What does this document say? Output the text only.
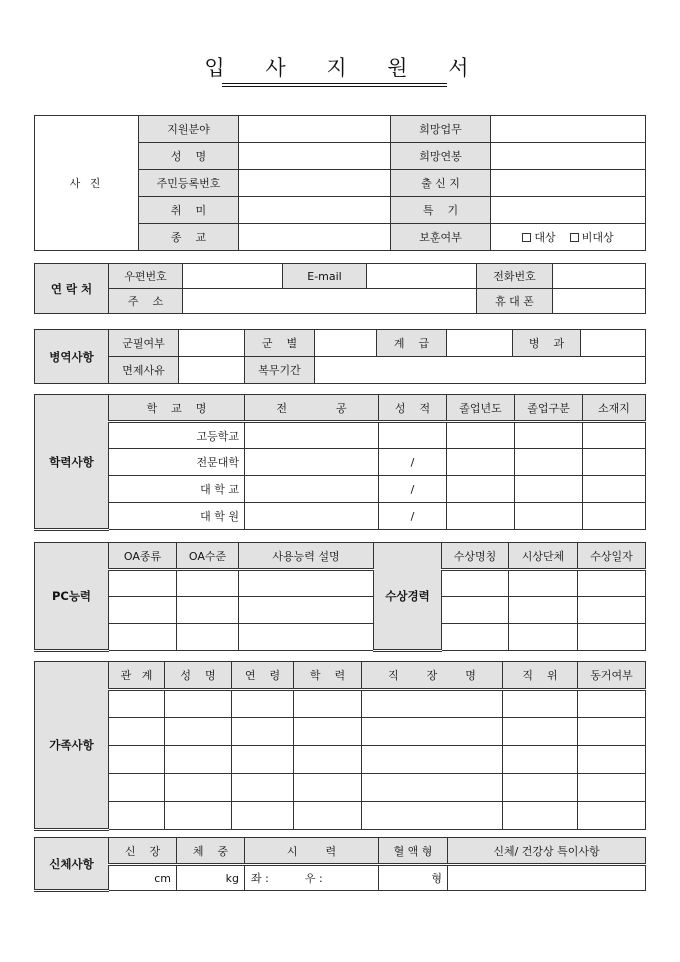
입 사 지 원 서
사 진	지원분야		희망업무	
	성    명		희망연봉	
	주민등록번호		출 신 지	
	취    미		특    기	
	종    교		보훈여부	대상 비대상
연 락 처	우편번호		E-mail		전화번호	
	주    소				휴 대 폰	
병역사항	군필여부		군    별		계    급		병    과	
	면제사유		복무기간					
학력사항	학    교    명	전              공	성    적	졸업년도	졸업구분	소재지
	고등학교					
	전문대학		/			
	대 학 교		/			
	대 학 원		/			
PC능력	OA종류	OA수준	사용능력 설명	수상경력	수상명칭	시상단체	수상일자

가족사항	관   계	성    명	연    령	학    력	직        장        명	직    위	동거여부

신체사항	신    장	체    중	시        력	혈 액 형	신체/ 건강상 특이사항
	cm	kg	좌 : 우 :	형	
